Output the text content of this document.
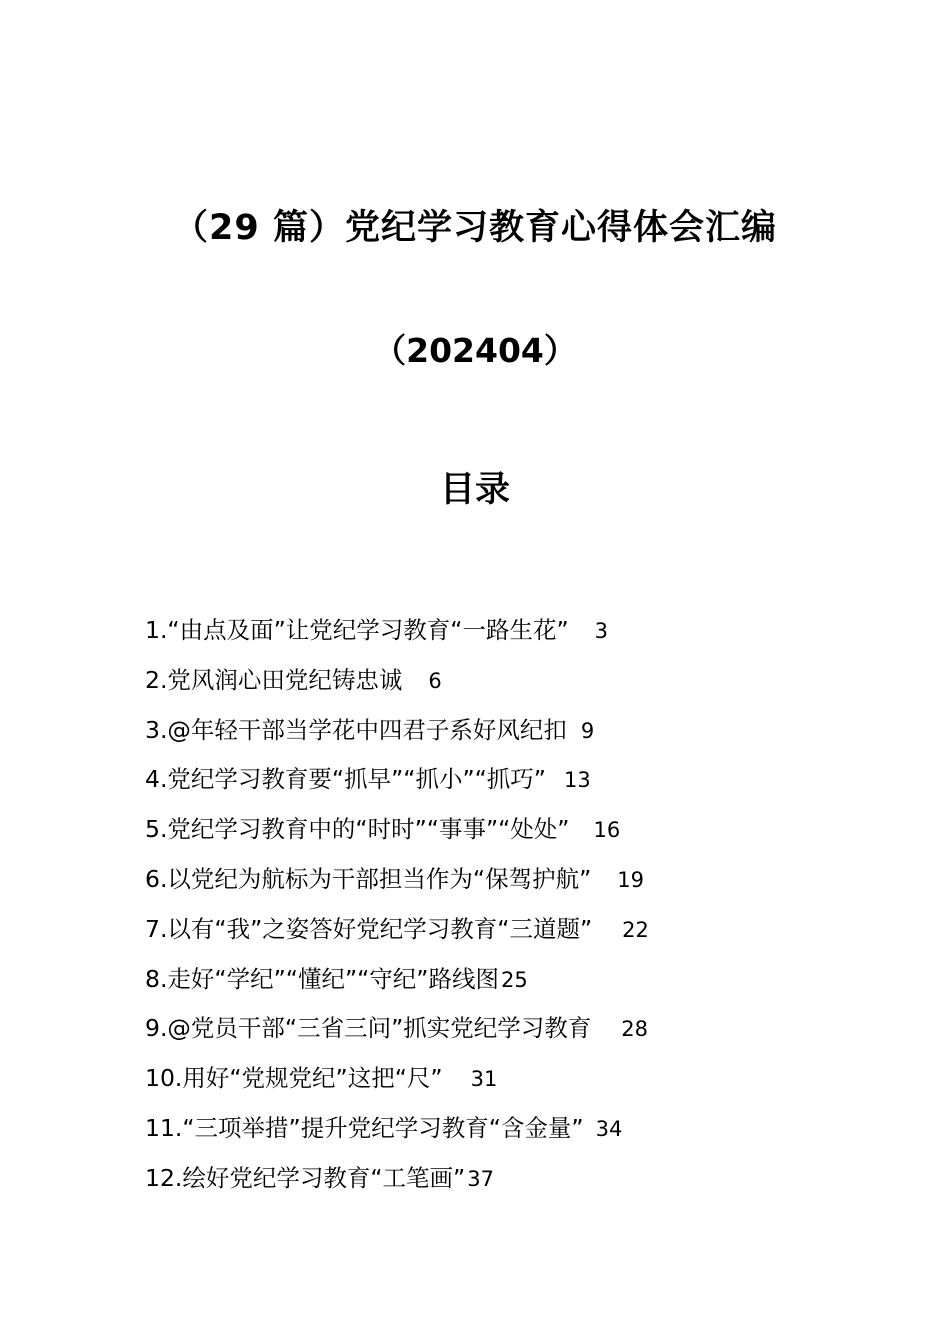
（29 篇）党纪学习教育心得体会汇编
（202404）
目录
1.“由点及面”让党纪学习教育“一路生花” 3
2.党风润心田党纪铸忠诚 6
3.@年轻干部当学花中四君子系好风纪扣 9
4.党纪学习教育要“抓早”“抓小”“抓巧” 13
5.党纪学习教育中的“时时”“事事”“处处” 16
6.以党纪为航标为干部担当作为“保驾护航” 19
7.以有“我”之姿答好党纪学习教育“三道题” 22
8.走好“学纪”“懂纪”“守纪”路线图 25
9.@党员干部“三省三问”抓实党纪学习教育 28
10.用好“党规党纪”这把“尺” 31
11.“三项举措”提升党纪学习教育“含金量” 34
12.绘好党纪学习教育“工笔画” 37
